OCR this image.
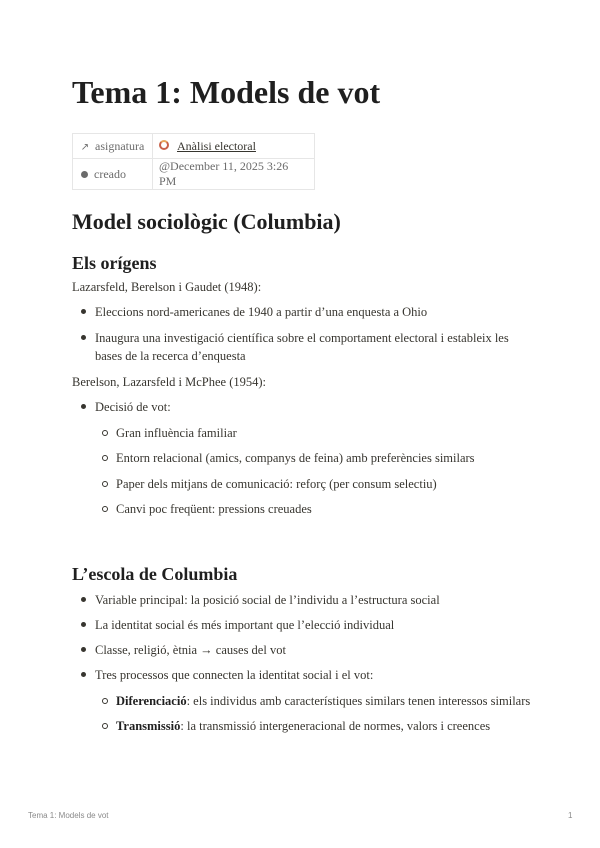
Tema 1: Models de vot
↗ asignatura	Anàlisi electoral
creado	@December 11, 2025 3:26 PM
Model sociològic (Columbia)
Els orígens

Lazarsfeld, Berelson i Gaudet (1948):

Eleccions nord-americanes de 1940 a partir d’una enquesta a Ohio

Inaugura una investigació científica sobre el comportament electoral i estableix les bases de la recerca d’enquesta

Berelson, Lazarsfeld i McPhee (1954):

Decisió de vot:

Gran influència familiar

Entorn relacional (amics, companys de feina) amb preferències similars

Paper dels mitjans de comunicació: reforç (per consum selectiu)

Canvi poc freqüent: pressions creuades

L’escola de Columbia

Variable principal: la posició social de l’individu a l’estructura social

La identitat social és més important que l’elecció individual

Classe, religió, ètnia → causes del vot

Tres processos que connecten la identitat social i el vot:

Diferenciació: els individus amb característiques similars tenen interessos similars

Transmissió: la transmissió intergeneracional de normes, valors i creences

Tema 1: Models de vot	1
